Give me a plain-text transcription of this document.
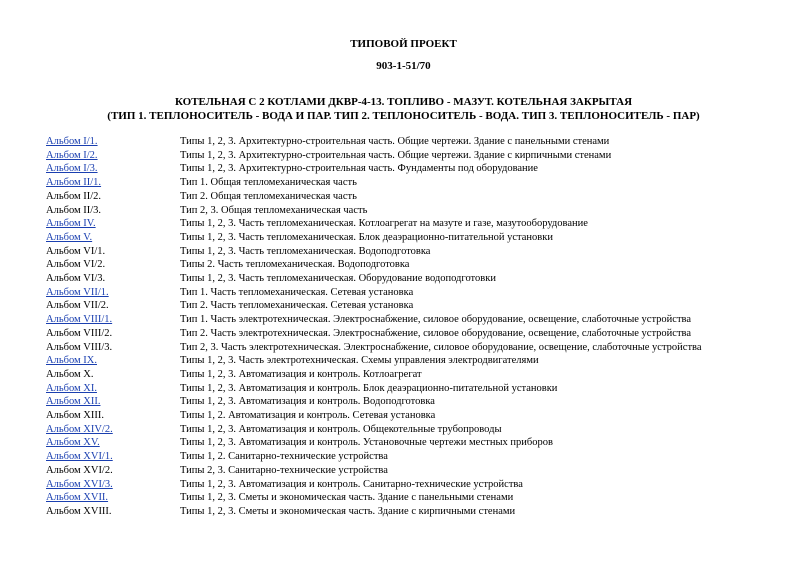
ТИПОВОЙ ПРОЕКТ
903-1-51/70
КОТЕЛЬНАЯ С 2 КОТЛАМИ ДКВР-4-13. ТОПЛИВО - МАЗУТ. КОТЕЛЬНАЯ ЗАКРЫТАЯ
(ТИП 1. ТЕПЛОНОСИТЕЛЬ - ВОДА И ПАР. ТИП 2. ТЕПЛОНОСИТЕЛЬ - ВОДА. ТИП 3. ТЕПЛОНОСИТЕЛЬ - ПАР)
Альбом I/1.	Типы 1, 2, 3. Архитектурно-строительная часть. Общие чертежи. Здание с панельными стенами
Альбом I/2.	Типы 1, 2, 3. Архитектурно-строительная часть. Общие чертежи. Здание с кирпичными стенами
Альбом I/3.	Типы 1, 2, 3. Архитектурно-строительная часть. Фундаменты под оборудование
Альбом II/1.	Тип 1. Общая тепломеханическая часть
Альбом II/2.	Тип 2. Общая тепломеханическая часть
Альбом II/3.	Тип 2, 3. Общая тепломеханическая часть
Альбом IV.	Типы 1, 2, 3. Часть тепломеханическая. Котлоагрегат на мазуте и газе, мазутооборудование
Альбом V.	Типы 1, 2, 3. Часть тепломеханическая. Блок деаэрационно-питательной установки
Альбом VI/1.	Типы 1, 2, 3. Часть тепломеханическая. Водоподготовка
Альбом VI/2.	Типы 2. Часть тепломеханическая. Водоподготовка
Альбом VI/3.	Типы 1, 2, 3. Часть тепломеханическая. Оборудование водоподготовки
Альбом VII/1.	Тип 1. Часть тепломеханическая. Сетевая установка
Альбом VII/2.	Тип 2. Часть тепломеханическая. Сетевая установка
Альбом VIII/1.	Тип 1. Часть электротехническая. Электроснабжение, силовое оборудование, освещение, слаботочные устройства
Альбом VIII/2.	Тип 2. Часть электротехническая. Электроснабжение, силовое оборудование, освещение, слаботочные устройства
Альбом VIII/3.	Тип 2, 3. Часть электротехническая. Электроснабжение, силовое оборудование, освещение, слаботочные устройства
Альбом IX.	Типы 1, 2, 3. Часть электротехническая. Схемы управления электродвигателями
Альбом X.	Типы 1, 2, 3. Автоматизация и контроль. Котлоагрегат
Альбом XI.	Типы 1, 2, 3. Автоматизация и контроль. Блок деаэрационно-питательной установки
Альбом XII.	Типы 1, 2, 3. Автоматизация и контроль. Водоподготовка
Альбом XIII.	Типы 1, 2. Автоматизация и контроль. Сетевая установка
Альбом XIV/2.	Типы 1, 2, 3. Автоматизация и контроль. Общекотельные трубопроводы
Альбом XV.	Типы 1, 2, 3. Автоматизация и контроль. Установочные чертежи местных приборов
Альбом XVI/1.	Типы 1, 2. Санитарно-технические устройства
Альбом XVI/2.	Типы 2, 3. Санитарно-технические устройства
Альбом XVI/3.	Типы 1, 2, 3. Автоматизация и контроль. Санитарно-технические устройства
Альбом XVII.	Типы 1, 2, 3. Сметы и экономическая часть. Здание с панельными стенами
Альбом XVIII.	Типы 1, 2, 3. Сметы и экономическая часть. Здание с кирпичными стенами
